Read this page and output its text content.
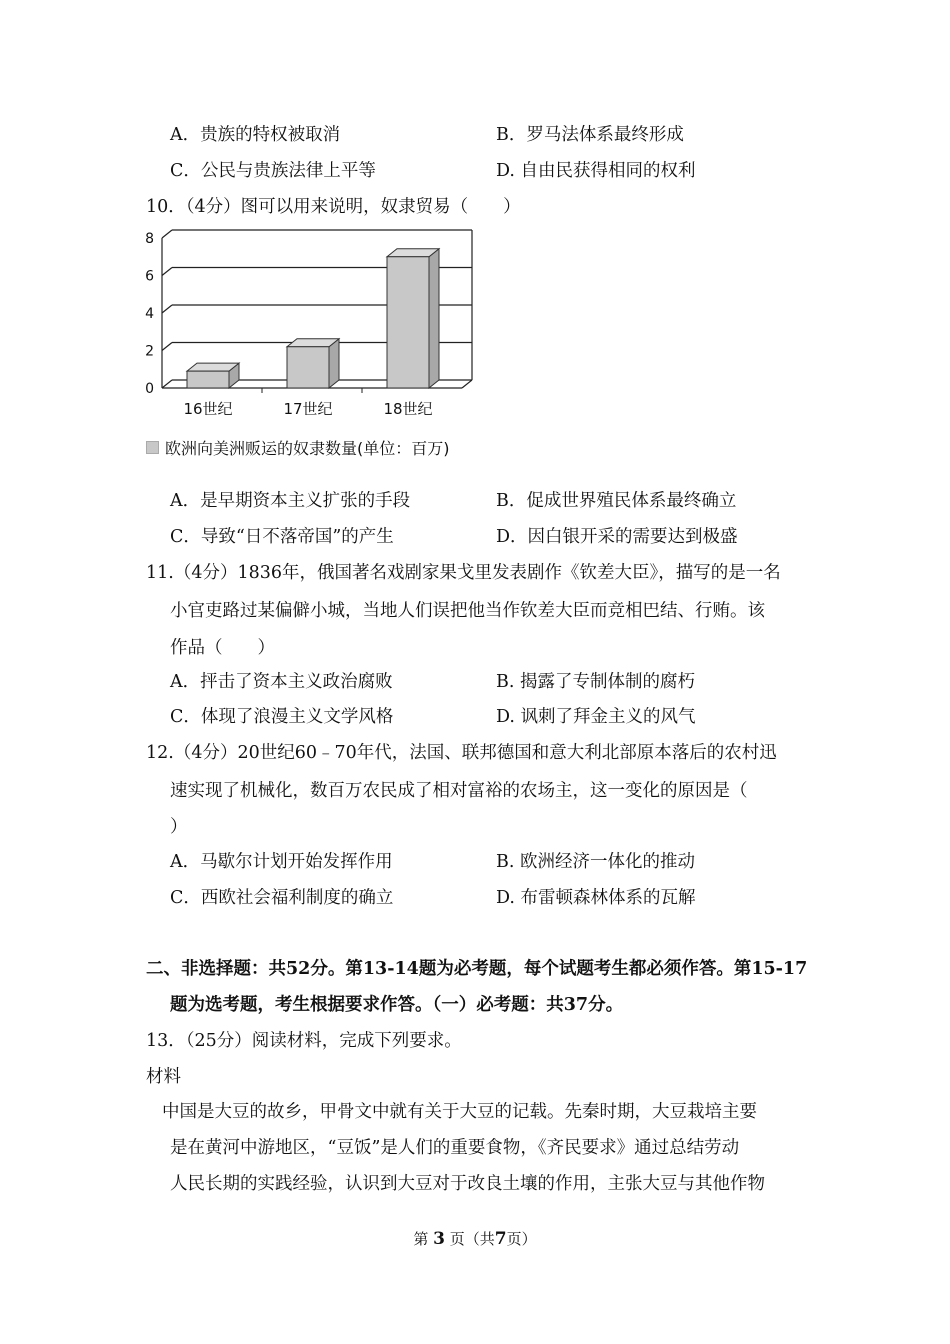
A．贵族的特权被取消	B．罗马法体系最终形成
C．公民与贵族法律上平等	D. 自由民获得相同的权利
10．（4分）图可以用来说明，奴隶贸易（　　）
0
2
4
6
8
16世纪	17世纪	18世纪
欧洲向美洲贩运的奴隶数量(单位：百万)
A．是早期资本主义扩张的手段	B．促成世界殖民体系最终确立
C．导致“日不落帝国”的产生	D．因白银开采的需要达到极盛
11.（4分）1836年，俄国著名戏剧家果戈里发表剧作《钦差大臣》，描写的是一名
小官吏路过某偏僻小城，当地人们误把他当作钦差大臣而竞相巴结、行贿。该
作品（　　）
A．抨击了资本主义政治腐败	B. 揭露了专制体制的腐朽
C．体现了浪漫主义文学风格	D. 讽刺了拜金主义的风气
12.（4分）20世纪60﹣70年代，法国、联邦德国和意大利北部原本落后的农村迅
速实现了机械化，数百万农民成了相对富裕的农场主，这一变化的原因是（
）
A．马歇尔计划开始发挥作用	B. 欧洲经济一体化的推动
C．西欧社会福利制度的确立	D. 布雷顿森林体系的瓦解
二、非选择题：共52分。第13-14题为必考题，每个试题考生都必须作答。第15-17
题为选考题，考生根据要求作答。（一）必考题：共37分。
13．（25分）阅读材料，完成下列要求。
材料
中国是大豆的故乡，甲骨文中就有关于大豆的记载。先秦时期，大豆栽培主要
是在黄河中游地区，“豆饭”是人们的重要食物，《齐民要求》通过总结劳动
人民长期的实践经验，认识到大豆对于改良土壤的作用，主张大豆与其他作物
第 3 页（共7页）
